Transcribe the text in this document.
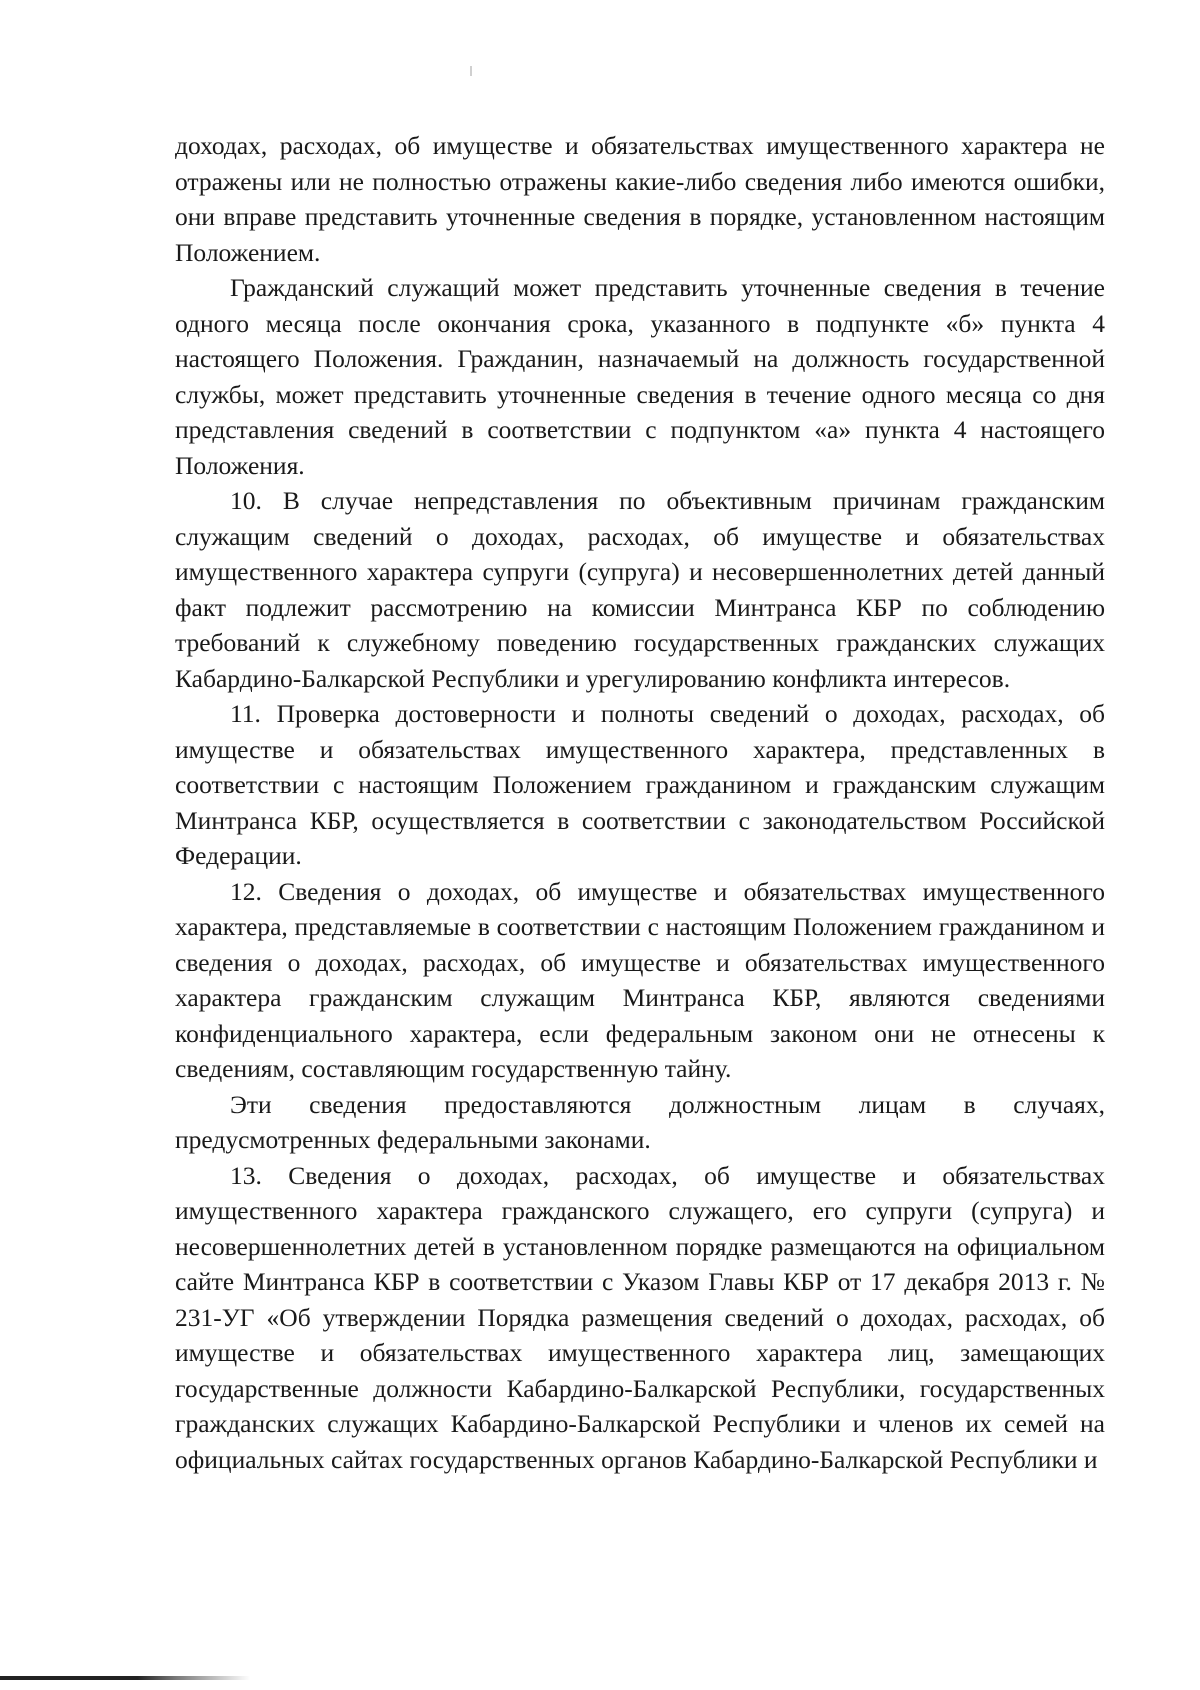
доходах, расходах, об имуществе и обязательствах имущественного характера не отражены или не полностью отражены какие-либо сведения либо имеются ошибки, они вправе представить уточненные сведения в порядке, установленном настоящим Положением.

Гражданский служащий может представить уточненные сведения в течение одного месяца после окончания срока, указанного в подпункте «б» пункта 4 настоящего Положения. Гражданин, назначаемый на должность государственной службы, может представить уточненные сведения в течение одного месяца со дня представления сведений в соответствии с подпунктом «а» пункта 4 настоящего Положения.

10. В случае непредставления по объективным причинам гражданским служащим сведений о доходах, расходах, об имуществе и обязательствах имущественного характера супруги (супруга) и несовершеннолетних детей данный факт подлежит рассмотрению на комиссии Минтранса КБР по соблюдению требований к служебному поведению государственных гражданских служащих Кабардино-Балкарской Республики и урегулированию конфликта интересов.

11. Проверка достоверности и полноты сведений о доходах, расходах, об имуществе и обязательствах имущественного характера, представленных в соответствии с настоящим Положением гражданином и гражданским служащим Минтранса КБР, осуществляется в соответствии с законодательством Российской Федерации.

12. Сведения о доходах, об имуществе и обязательствах имущественного характера, представляемые в соответствии с настоящим Положением гражданином и сведения о доходах, расходах, об имуществе и обязательствах имущественного характера гражданским служащим Минтранса КБР, являются сведениями конфиденциального характера, если федеральным законом они не отнесены к сведениям, составляющим государственную тайну.

Эти сведения предоставляются должностным лицам в случаях, предусмотренных федеральными законами.

13. Сведения о доходах, расходах, об имуществе и обязательствах имущественного характера гражданского служащего, его супруги (супруга) и несовершеннолетних детей в установленном порядке размещаются на официальном сайте Минтранса КБР в соответствии с Указом Главы КБР от 17 декабря 2013 г. № 231-УГ «Об утверждении Порядка размещения сведений о доходах, расходах, об имуществе и обязательствах имущественного характера лиц, замещающих государственные должности Кабардино-Балкарской Республики, государственных гражданских служащих Кабардино-Балкарской Республики и членов их семей на официальных сайтах государственных органов Кабардино-Балкарской Республики и
